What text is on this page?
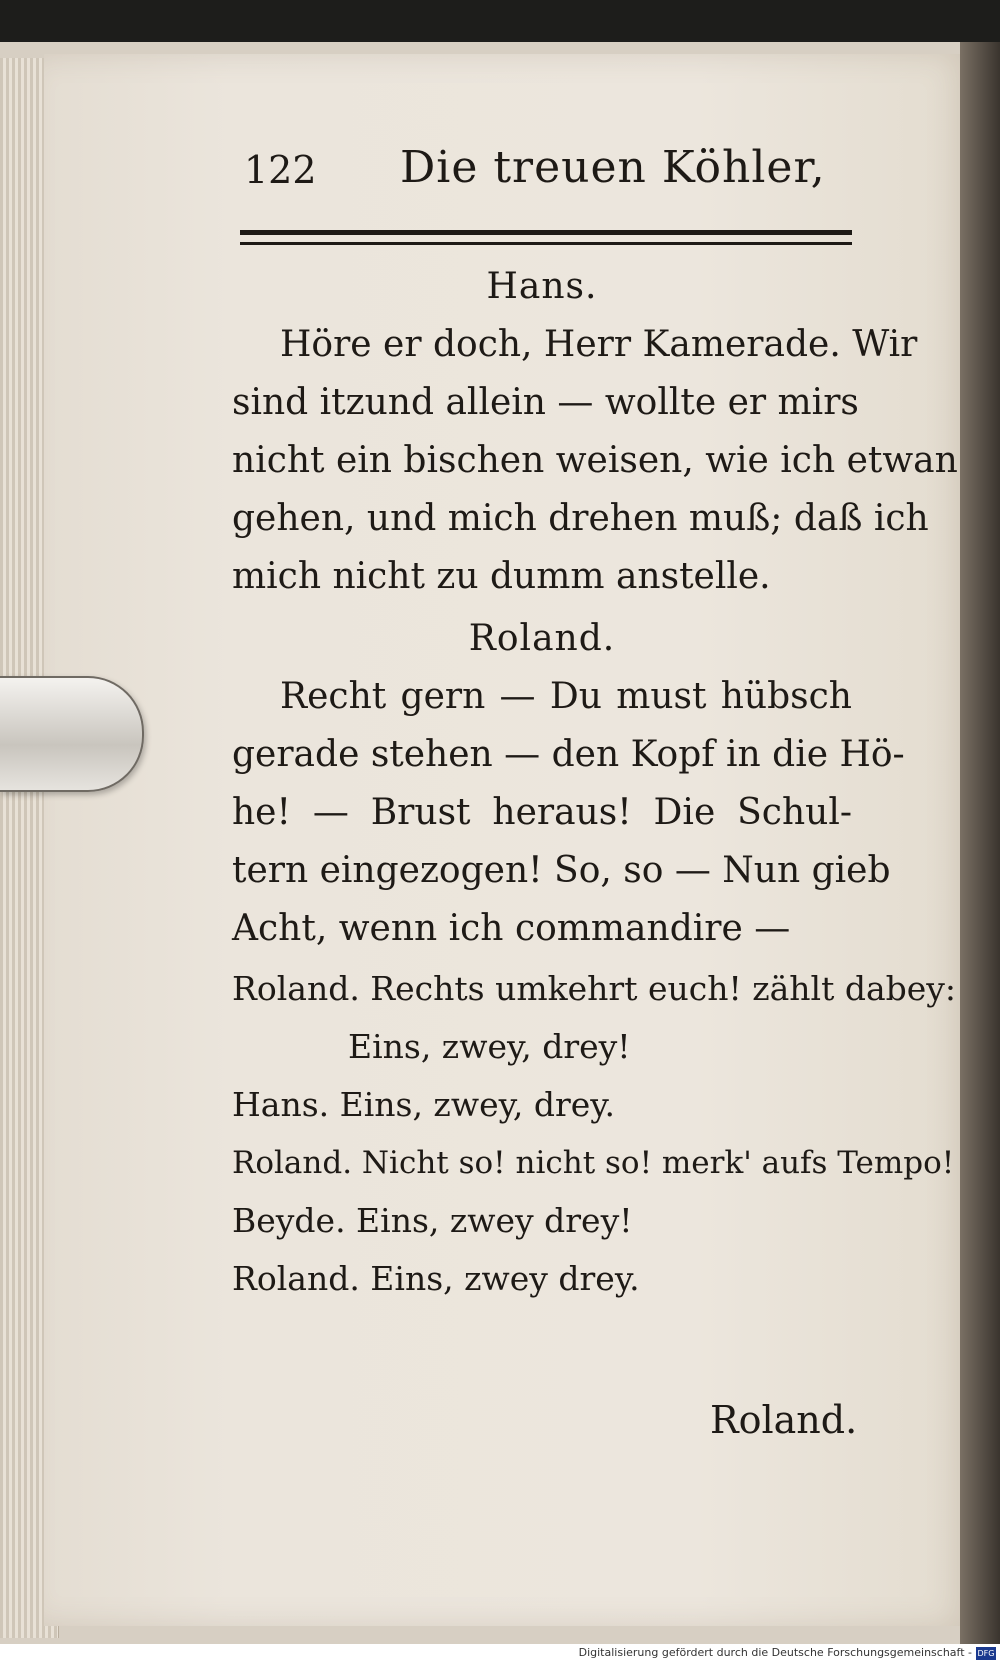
122 Die treuen Köhler,
Hans.
Höre er doch, Herr Kamerade. Wir
sind itzund allein — wollte er mirs
nicht ein bischen weisen, wie ich etwan
gehen, und mich drehen muß; daß ich
mich nicht zu dumm anstelle.
Roland.
Recht gern — Du must hübsch
gerade stehen — den Kopf in die Hö-
he! — Brust heraus! Die Schul-
tern eingezogen! So, so — Nun gieb
Acht, wenn ich commandire —
Roland. Rechts umkehrt euch! zählt dabey:
Eins, zwey, drey!
Hans. Eins, zwey, drey.
Roland. Nicht so! nicht so! merk' aufs Tempo!
Beyde. Eins, zwey drey!
Roland. Eins, zwey drey.
Roland.
Digitalisierung gefördert durch die Deutsche Forschungsgemeinschaft - DFG
